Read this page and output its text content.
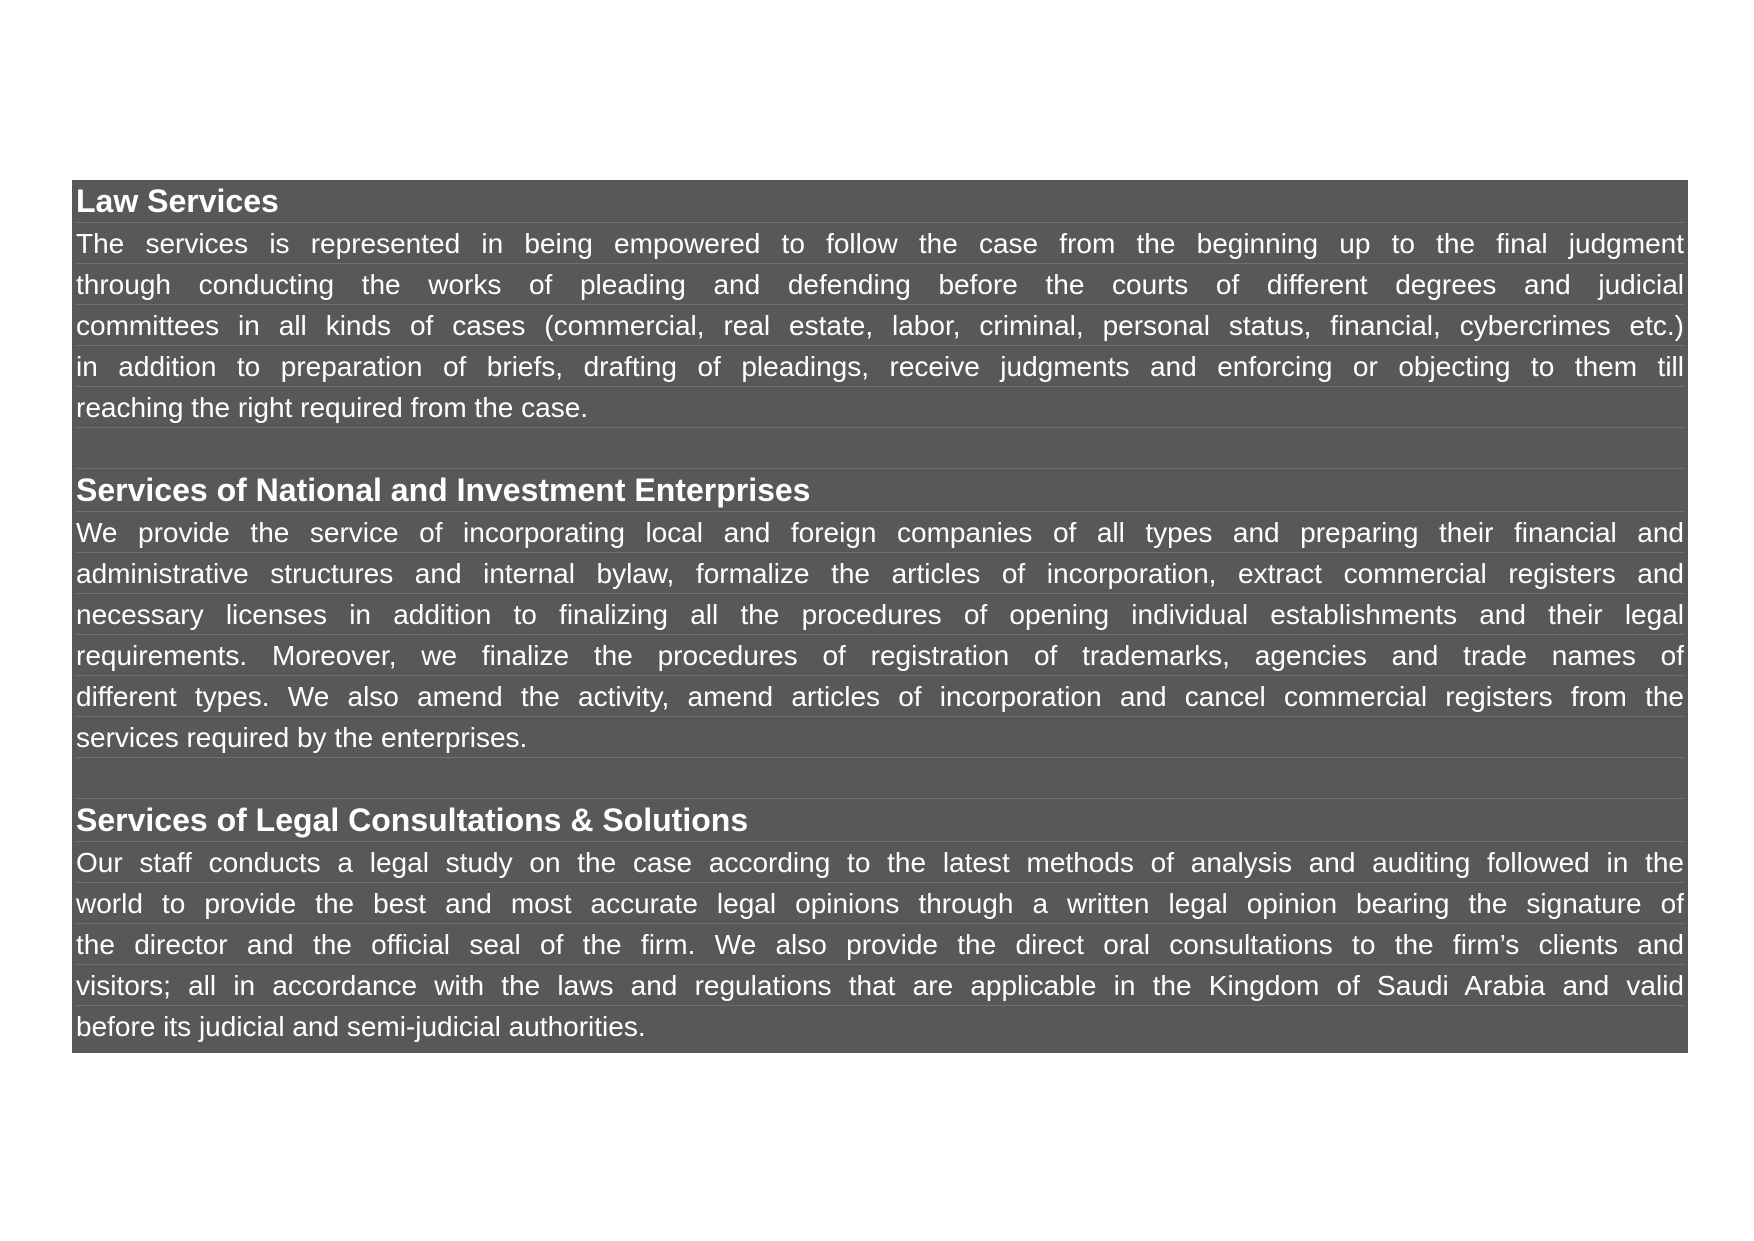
Law Services
The services is represented in being empowered to follow the case from the beginning up to the final judgment
through conducting the works of pleading and defending before the courts of different degrees and judicial
committees in all kinds of cases (commercial, real estate, labor, criminal, personal status, financial, cybercrimes etc.)
in addition to preparation of briefs, drafting of pleadings, receive judgments and enforcing or objecting to them till
reaching the right required from the case.
Services of National and Investment Enterprises
We provide the service of incorporating local and foreign companies of all types and preparing their financial and
administrative structures and internal bylaw, formalize the articles of incorporation, extract commercial registers and
necessary licenses in addition to finalizing all the procedures of opening individual establishments and their legal
requirements. Moreover, we finalize the procedures of registration of trademarks, agencies and trade names of
different types. We also amend the activity, amend articles of incorporation and cancel commercial registers from the
services required by the enterprises.
Services of Legal Consultations & Solutions
Our staff conducts a legal study on the case according to the latest methods of analysis and auditing followed in the
world to provide the best and most accurate legal opinions through a written legal opinion bearing the signature of
the director and the official seal of the firm. We also provide the direct oral consultations to the firm’s clients and
visitors; all in accordance with the laws and regulations that are applicable in the Kingdom of Saudi Arabia and valid
before its judicial and semi-judicial authorities.
